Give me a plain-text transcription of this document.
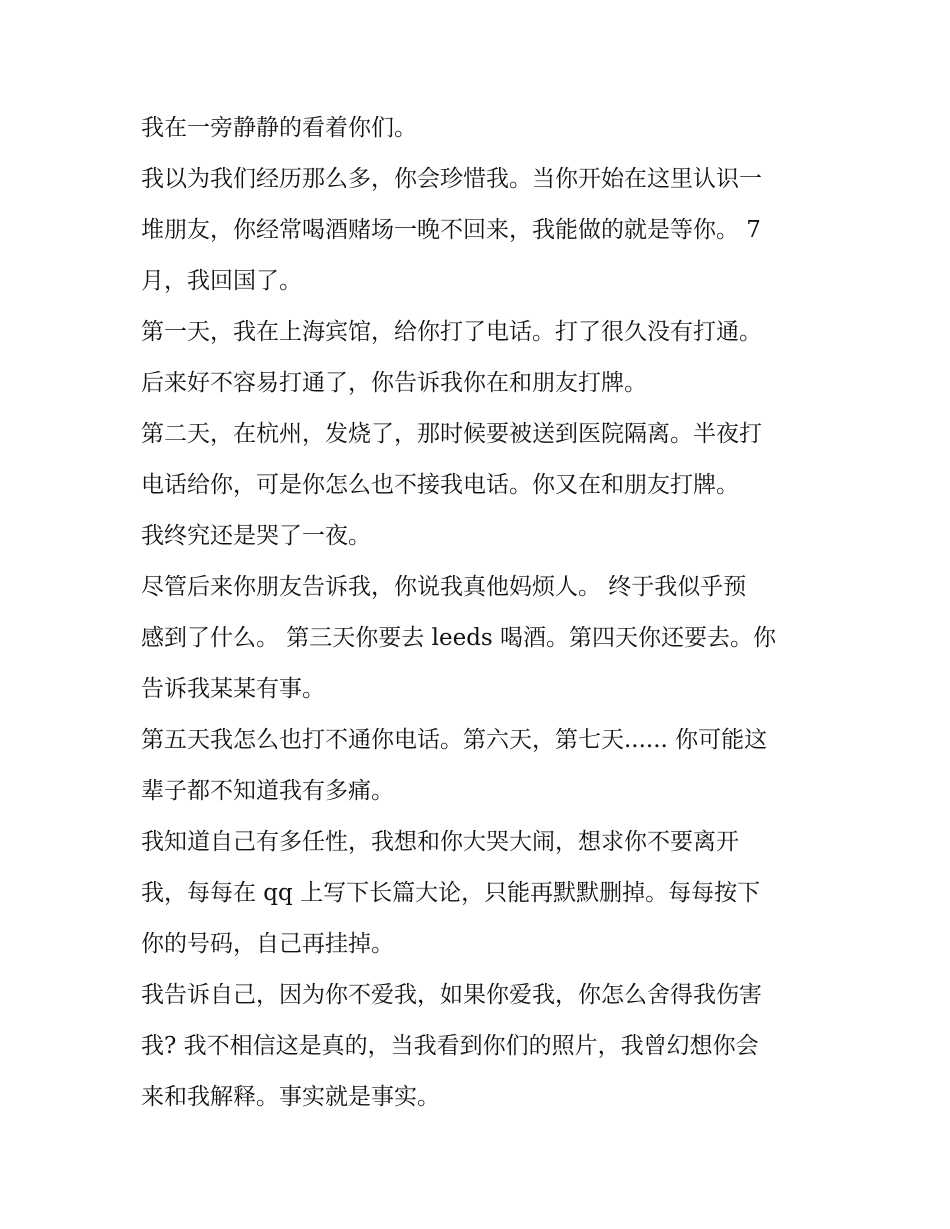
我在一旁静静的看着你们。
我以为我们经历那么多，你会珍惜我。当你开始在这里认识一
堆朋友，你经常喝酒赌场一晚不回来，我能做的就是等你。 7
月，我回国了。
第一天，我在上海宾馆，给你打了电话。打了很久没有打通。
后来好不容易打通了，你告诉我你在和朋友打牌。
第二天，在杭州，发烧了，那时候要被送到医院隔离。半夜打
电话给你，可是你怎么也不接我电话。你又在和朋友打牌。
我终究还是哭了一夜。
尽管后来你朋友告诉我，你说我真他妈烦人。 终于我似乎预
感到了什么。 第三天你要去 leeds 喝酒。第四天你还要去。你
告诉我某某有事。
第五天我怎么也打不通你电话。第六天，第七天...... 你可能这
辈子都不知道我有多痛。
我知道自己有多任性，我想和你大哭大闹，想求你不要离开
我，每每在 qq 上写下长篇大论，只能再默默删掉。每每按下
你的号码，自己再挂掉。
我告诉自己，因为你不爱我，如果你爱我，你怎么舍得我伤害
我? 我不相信这是真的，当我看到你们的照片，我曾幻想你会
来和我解释。事实就是事实。
